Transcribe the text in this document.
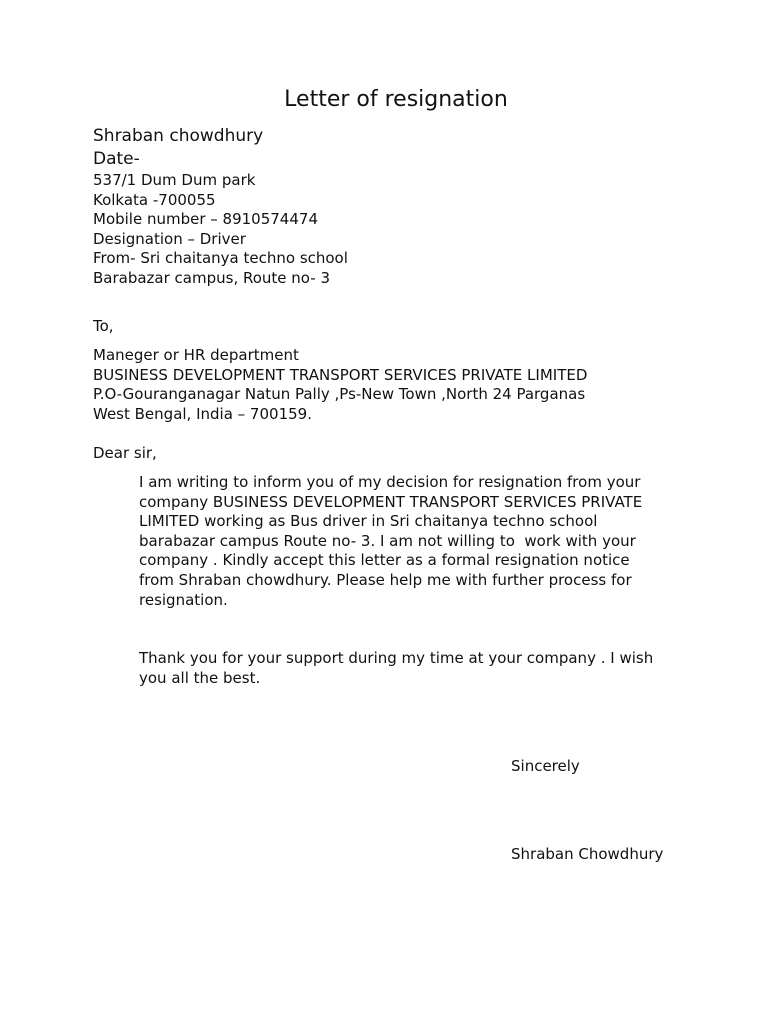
Letter of resignation
Shraban chowdhury
Date-
537/1 Dum Dum park
Kolkata -700055
Mobile number – 8910574474
Designation – Driver
From- Sri chaitanya techno school
Barabazar campus, Route no- 3
To,
Maneger or HR department
BUSINESS DEVELOPMENT TRANSPORT SERVICES PRIVATE LIMITED
P.O-Gouranganagar Natun Pally ,Ps-New Town ,North 24 Parganas
West Bengal, India – 700159.
Dear sir,
I am writing to inform you of my decision for resignation from your
company BUSINESS DEVELOPMENT TRANSPORT SERVICES PRIVATE
LIMITED working as Bus driver in Sri chaitanya techno school
barabazar campus Route no- 3. I am not willing to  work with your
company . Kindly accept this letter as a formal resignation notice
from Shraban chowdhury. Please help me with further process for
resignation.
Thank you for your support during my time at your company . I wish
you all the best.
Sincerely
Shraban Chowdhury
